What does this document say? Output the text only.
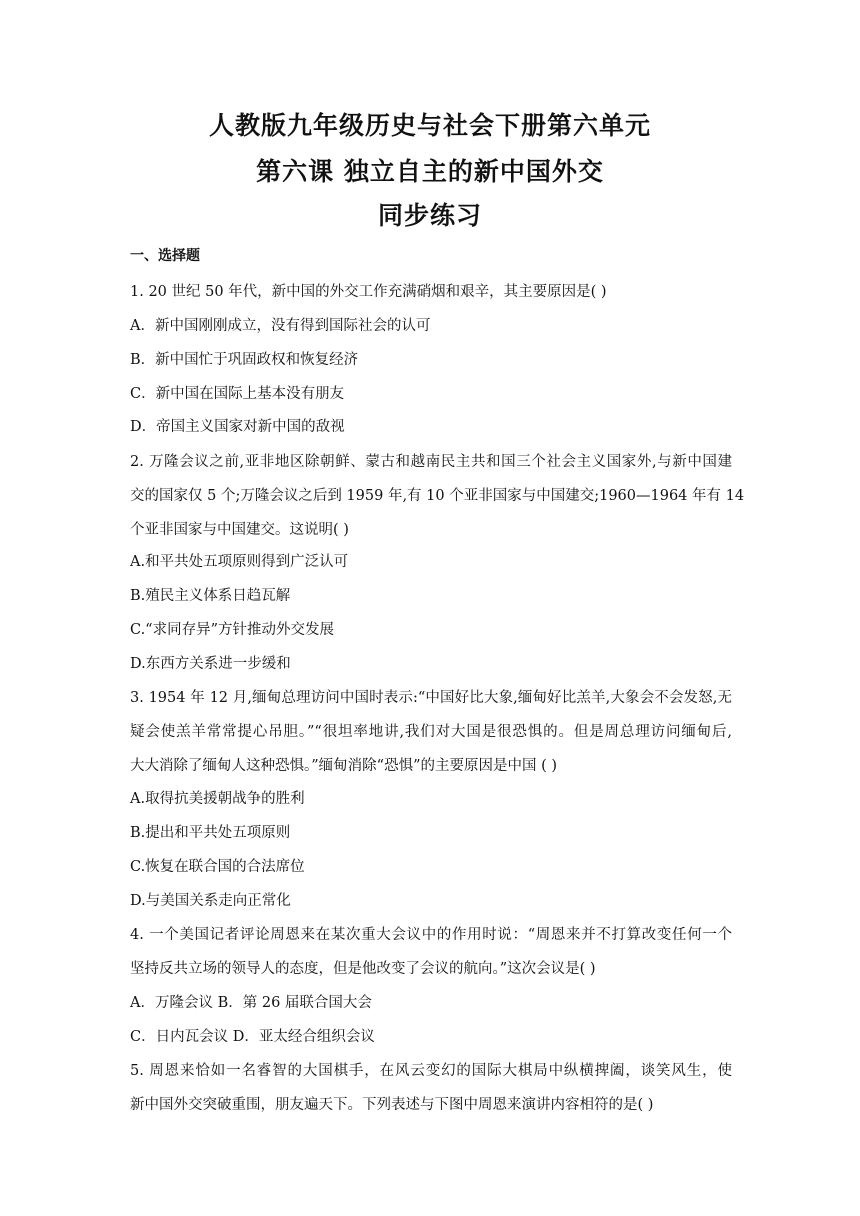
人教版九年级历史与社会下册第六单元
第六课 独立自主的新中国外交
同步练习
一、选择题
1. 20 世纪 50 年代，新中国的外交工作充满硝烟和艰辛，其主要原因是( )
A．新中国刚刚成立，没有得到国际社会的认可
B．新中国忙于巩固政权和恢复经济
C．新中国在国际上基本没有朋友
D．帝国主义国家对新中国的敌视
2. 万隆会议之前,亚非地区除朝鲜、蒙古和越南民主共和国三个社会主义国家外,与新中国建
交的国家仅 5 个;万隆会议之后到 1959 年,有 10 个亚非国家与中国建交;1960—1964 年有 14
个亚非国家与中国建交。这说明( )
A.和平共处五项原则得到广泛认可
B.殖民主义体系日趋瓦解
C.“求同存异”方针推动外交发展
D.东西方关系进一步缓和
3. 1954 年 12 月,缅甸总理访问中国时表示:“中国好比大象,缅甸好比羔羊,大象会不会发怒,无
疑会使羔羊常常提心吊胆。”“很坦率地讲,我们对大国是很恐惧的。但是周总理访问缅甸后,
大大消除了缅甸人这种恐惧。”缅甸消除“恐惧”的主要原因是中国 ( )
A.取得抗美援朝战争的胜利
B.提出和平共处五项原则
C.恢复在联合国的合法席位
D.与美国关系走向正常化
4. 一个美国记者评论周恩来在某次重大会议中的作用时说：“周恩来并不打算改变任何一个
坚持反共立场的领导人的态度，但是他改变了会议的航向。”这次会议是( )
A．万隆会议 B．第 26 届联合国大会
C．日内瓦会议 D．亚太经合组织会议
5. 周恩来恰如一名睿智的大国棋手，在风云变幻的国际大棋局中纵横捭阖，谈笑风生，使
新中国外交突破重围，朋友遍天下。下列表述与下图中周恩来演讲内容相符的是( )
